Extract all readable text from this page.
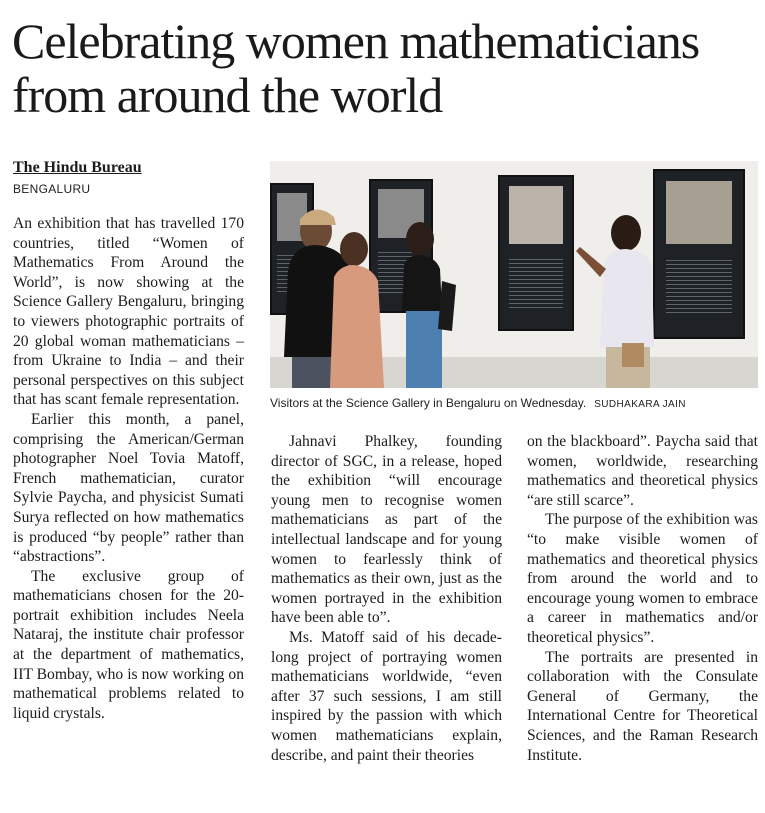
Celebrating women mathematicians from around the world
The Hindu Bureau
BENGALURU

An exhibition that has travelled 170 countries, titled “Women of Mathematics From Around the World”, is now showing at the Science Gallery Bengaluru, bringing to viewers photographic portraits of 20 global woman mathematicians – from Ukraine to India – and their personal perspectives on this subject that has scant female representation.

Earlier this month, a panel, comprising the American/German photographer Noel Tovia Matoff, French mathematician, curator Sylvie Paycha, and physicist Sumati Surya reflected on how mathematics is produced “by people” rather than “abstractions”.

The exclusive group of mathematicians chosen for the 20-portrait exhibition includes Neela Nataraj, the institute chair professor at the department of mathematics, IIT Bombay, who is now working on mathematical problems related to liquid crystals.

Visitors at the Science Gallery in Bengaluru on Wednesday. SUDHAKARA JAIN

Jahnavi Phalkey, founding director of SGC, in a release, hoped the exhibition “will encourage young men to recognise women mathematicians as part of the intellectual landscape and for young women to fearlessly think of mathematics as their own, just as the women portrayed in the exhibition have been able to”.

Ms. Matoff said of his decade-long project of portraying women mathematicians worldwide, “even after 37 such sessions, I am still inspired by the passion with which women mathematicians explain, describe, and paint their theories

on the blackboard”. Paycha said that women, worldwide, researching mathematics and theoretical physics “are still scarce”.

The purpose of the exhibition was “to make visible women of mathematics and theoretical physics from around the world and to encourage young women to embrace a career in mathematics and/or theoretical physics”.

The portraits are presented in collaboration with the Consulate General of Germany, the International Centre for Theoretical Sciences, and the Raman Research Institute.
